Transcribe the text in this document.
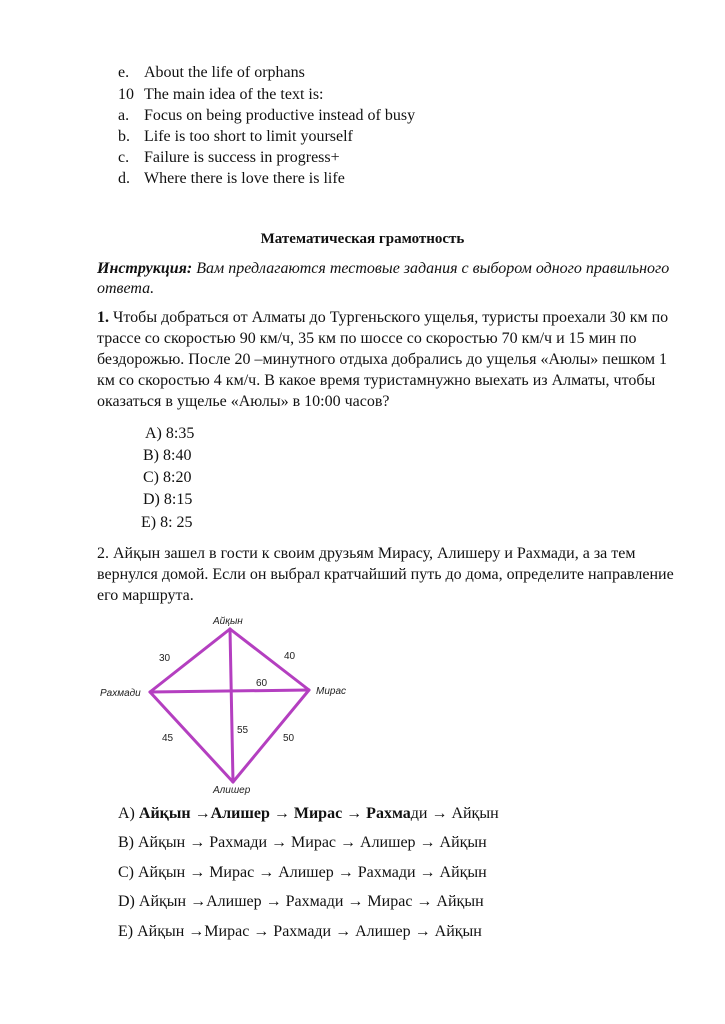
e. About the life of orphans
10 The main idea of the text is:
a. Focus on being productive instead of busy
b. Life is too short to limit yourself
c. Failure is success in progress+
d. Where there is love there is life
Математическая грамотность
Инструкция: Вам предлагаются тестовые задания с выбором одного правильного ответа.
1. Чтобы добраться от Алматы до Тургеньского ущелья, туристы проехали 30 км по трассе со скоростью 90 км/ч, 35 км по шоссе со скоростью 70 км/ч и 15 мин по бездорожью. После 20 –минутного отдыха добрались до ущелья «Аюлы» пешком 1 км со скоростью 4 км/ч. В какое время туристамнужно выехать из Алматы, чтобы оказаться в ущелье «Аюлы» в 10:00 часов?
A) 8:35
B) 8:40
C) 8:20
D) 8:15
E) 8: 25
2. Айқын зашел в гости к своим друзьям Мирасу, Алишеру и Рахмади, а за тем вернулся домой. Если он выбрал кратчайший путь до дома, определите направление его маршрута.
Айқын
Рахмади	Мирас
Алишер
30	40
60
45
55
50
A) Айқын →Алишер → Мирас → Рахмади → Айқын
B) Айқын → Рахмади → Мирас → Алишер → Айқын
C) Айқын → Мирас → Алишер → Рахмади → Айқын
D) Айқын →Алишер → Рахмади → Мирас → Айқын
E) Айқын →Мирас → Рахмади → Алишер → Айқын
